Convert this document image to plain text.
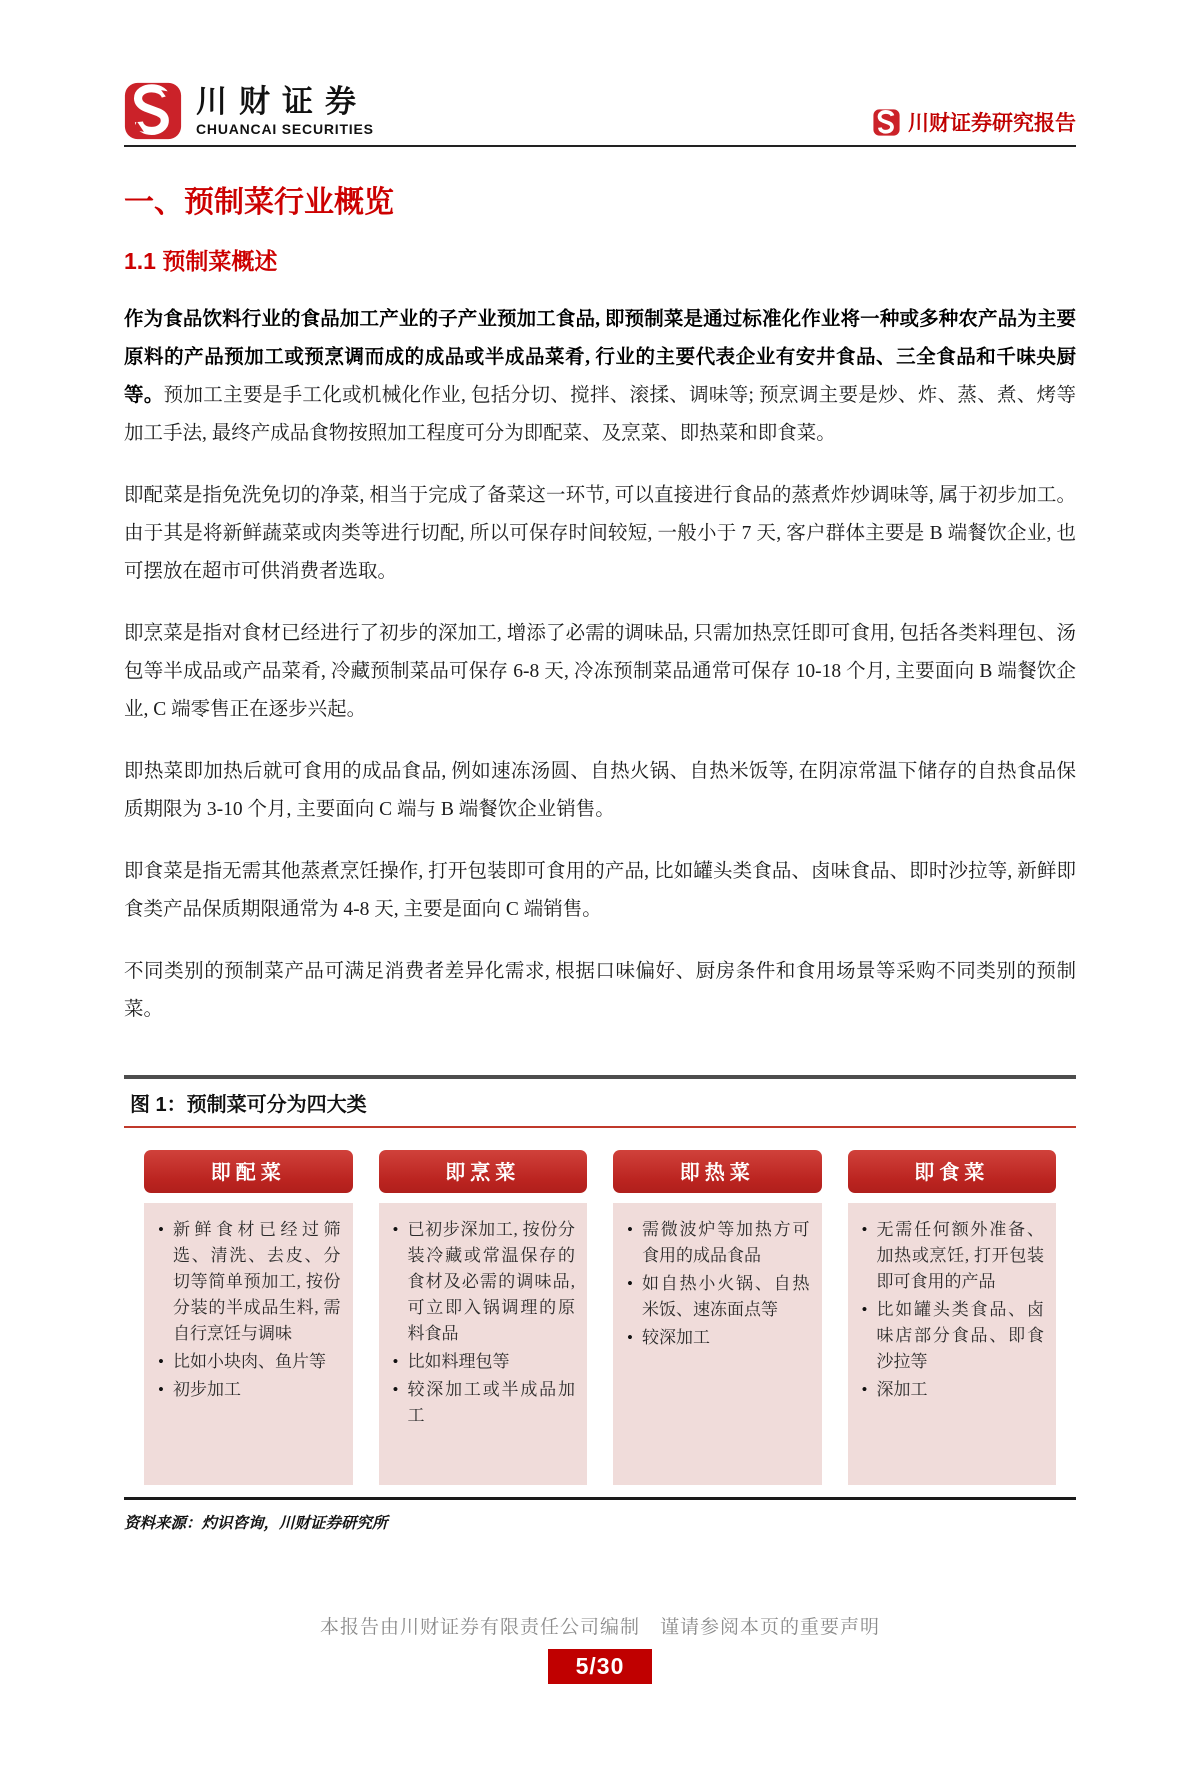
川财证券
CHUANCAI SECURITIES	川财证券研究报告
一、预制菜行业概览
1.1 预制菜概述

作为食品饮料行业的食品加工产业的子产业预加工食品, 即预制菜是通过标准化作业将一种或多种农产品为主要原料的产品预加工或预烹调而成的成品或半成品菜肴, 行业的主要代表企业有安井食品、三全食品和千味央厨等。预加工主要是手工化或机械化作业, 包括分切、搅拌、滚揉、调味等; 预烹调主要是炒、炸、蒸、煮、烤等加工手法, 最终产成品食物按照加工程度可分为即配菜、及烹菜、即热菜和即食菜。

即配菜是指免洗免切的净菜, 相当于完成了备菜这一环节, 可以直接进行食品的蒸煮炸炒调味等, 属于初步加工。由于其是将新鲜蔬菜或肉类等进行切配, 所以可保存时间较短, 一般小于 7 天, 客户群体主要是 B 端餐饮企业, 也可摆放在超市可供消费者选取。

即烹菜是指对食材已经进行了初步的深加工, 增添了必需的调味品, 只需加热烹饪即可食用, 包括各类料理包、汤包等半成品或产品菜肴, 冷藏预制菜品可保存 6-8 天, 冷冻预制菜品通常可保存 10-18 个月, 主要面向 B 端餐饮企业, C 端零售正在逐步兴起。

即热菜即加热后就可食用的成品食品, 例如速冻汤圆、自热火锅、自热米饭等, 在阴凉常温下储存的自热食品保质期限为 3-10 个月, 主要面向 C 端与 B 端餐饮企业销售。

即食菜是指无需其他蒸煮烹饪操作, 打开包装即可食用的产品, 比如罐头类食品、卤味食品、即时沙拉等, 新鲜即食类产品保质期限通常为 4-8 天, 主要是面向 C 端销售。

不同类别的预制菜产品可满足消费者差异化需求, 根据口味偏好、厨房条件和食用场景等采购不同类别的预制菜。

图 1：预制菜可分为四大类
即配菜
• 新鲜食材已经过筛选、清洗、去皮、分切等简单预加工, 按份分装的半成品生料, 需自行烹饪与调味
• 比如小块肉、鱼片等
• 初步加工
即烹菜
• 已初步深加工, 按份分装冷藏或常温保存的食材及必需的调味品, 可立即入锅调理的原料食品
• 比如料理包等
• 较深加工或半成品加工
即热菜
• 需微波炉等加热方可食用的成品食品
• 如自热小火锅、自热米饭、速冻面点等
• 较深加工
即食菜
• 无需任何额外准备、加热或烹饪, 打开包装即可食用的产品
• 比如罐头类食品、卤味店部分食品、即食沙拉等
• 深加工
资料来源：灼识咨询，川财证券研究所
本报告由川财证券有限责任公司编制　谨请参阅本页的重要声明
5/30
